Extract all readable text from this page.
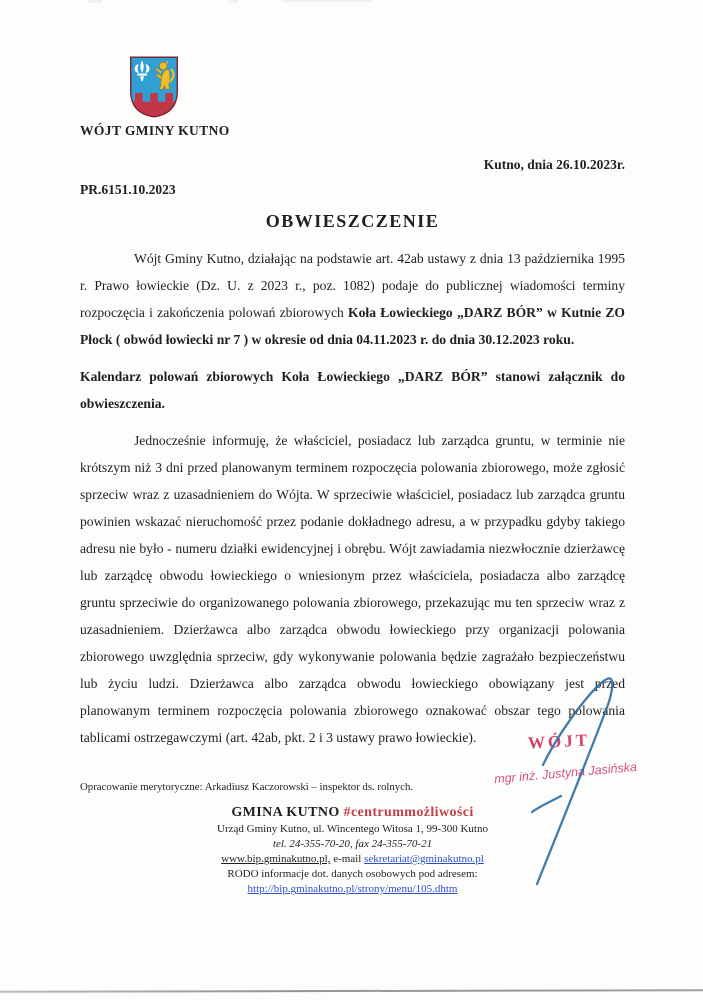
WÓJT GMINY KUTNO
Kutno, dnia 26.10.2023r.
PR.6151.10.2023
OBWIESZCZENIE

Wójt Gminy Kutno, działając na podstawie art. 42ab ustawy z dnia 13 października 1995 r. Prawo łowieckie (Dz. U. z 2023 r., poz. 1082) podaje do publicznej wiadomości terminy rozpoczęcia i zakończenia polowań zbiorowych Koła Łowieckiego „DARZ BÓR” w Kutnie ZO Płock ( obwód łowiecki nr 7 ) w okresie od dnia 04.11.2023 r. do dnia 30.12.2023 roku.

Kalendarz polowań zbiorowych Koła Łowieckiego „DARZ BÓR” stanowi załącznik do obwieszczenia.

Jednocześnie informuję, że właściciel, posiadacz lub zarządca gruntu, w terminie nie krótszym niż 3 dni przed planowanym terminem rozpoczęcia polowania zbiorowego, może zgłosić sprzeciw wraz z uzasadnieniem do Wójta. W sprzeciwie właściciel, posiadacz lub zarządca gruntu powinien wskazać nieruchomość przez podanie dokładnego adresu, a w przypadku gdyby takiego adresu nie było - numeru działki ewidencyjnej i obrębu. Wójt zawiadamia niezwłocznie dzierżawcę lub zarządcę obwodu łowieckiego o wniesionym przez właściciela, posiadacza albo zarządcę gruntu sprzeciwie do organizowanego polowania zbiorowego, przekazując mu ten sprzeciw wraz z uzasadnieniem. Dzierżawca albo zarządca obwodu łowieckiego przy organizacji polowania zbiorowego uwzględnia sprzeciw, gdy wykonywanie polowania będzie zagrażało bezpieczeństwu lub życiu ludzi. Dzierżawca albo zarządca obwodu łowieckiego obowiązany jest przed planowanym terminem rozpoczęcia polowania zbiorowego oznakować obszar tego polowania tablicami ostrzegawczymi (art. 42ab, pkt. 2 i 3 ustawy prawo łowieckie).

Opracowanie merytoryczne: Arkadiusz Kaczorowski – inspektor ds. rolnych.
GMINA KUTNO #centrummożliwości
Urząd Gminy Kutno, ul. Wincentego Witosa 1, 99-300 Kutno
tel. 24-355-70-20, fax 24-355-70-21
www.bip.gminakutno.pl, e-mail sekretariat@gminakutno.pl
RODO informacje dot. danych osobowych pod adresem:
http://bip.gminakutno.pl/strony/menu/105.dhtm
WÓJT
mgr inż. Justyna Jasińska
